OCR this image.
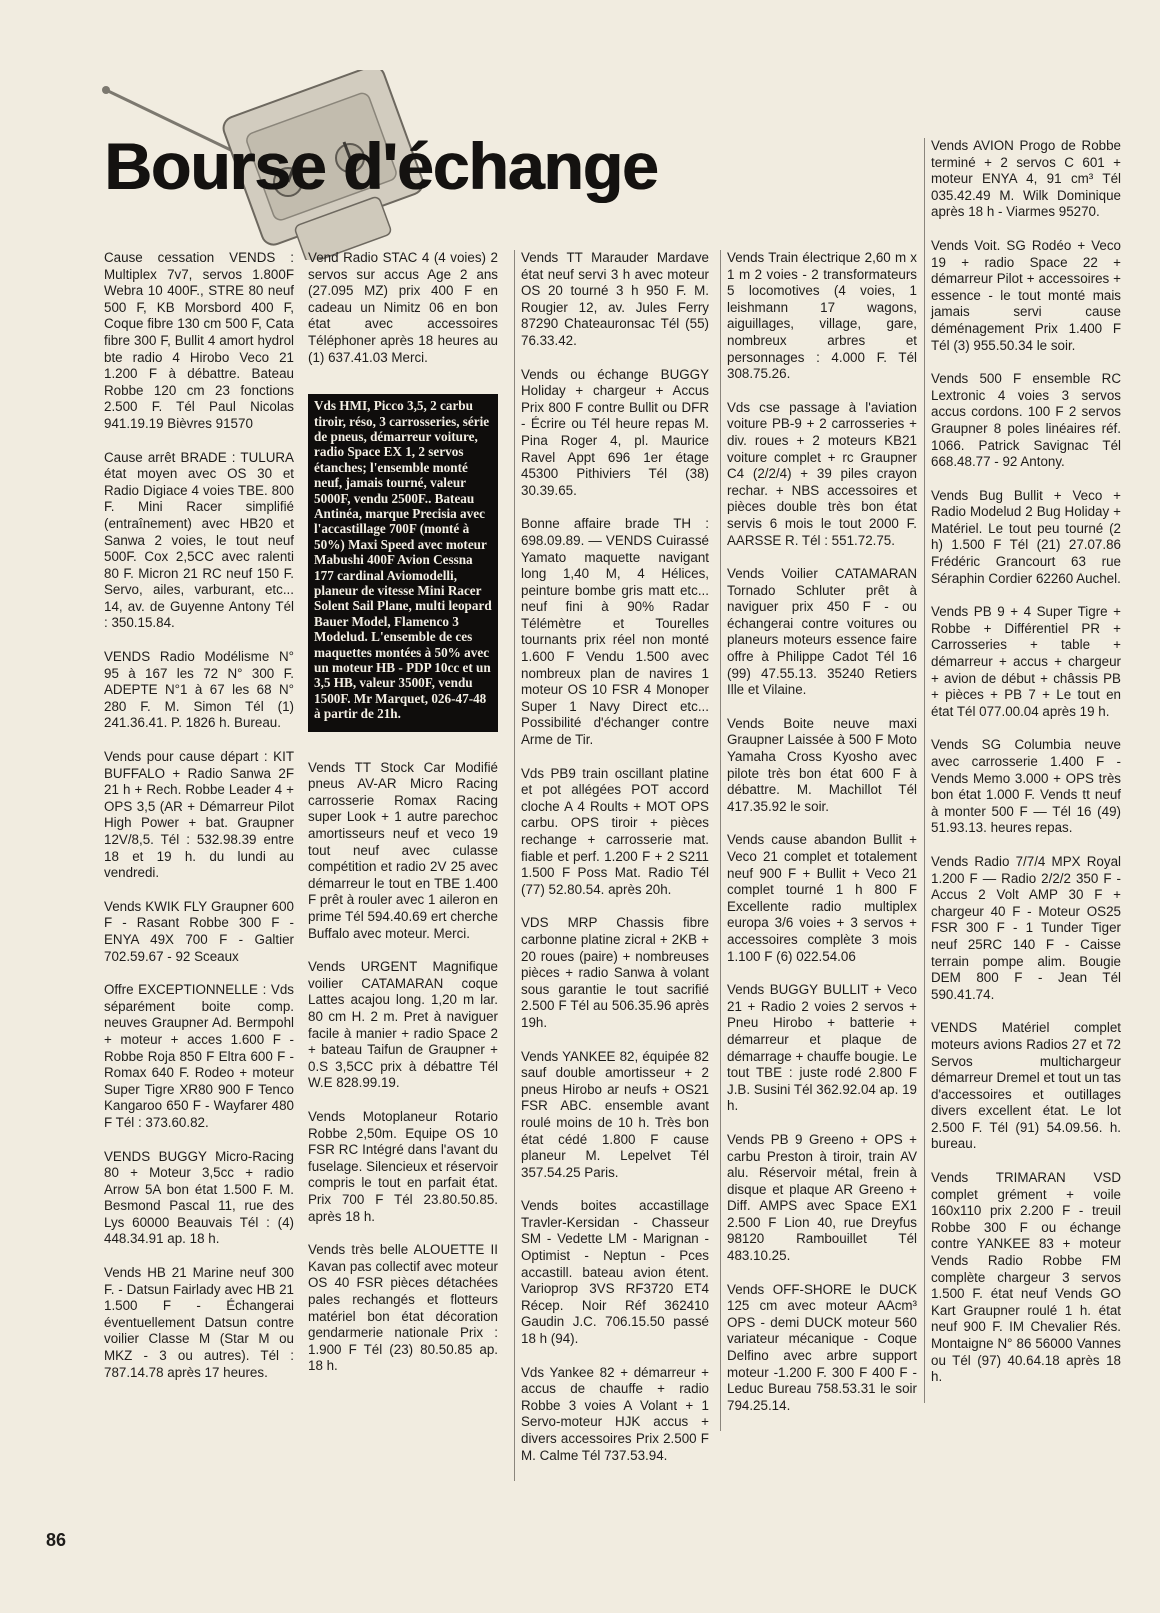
Bourse d'échange

Cause cessation VENDS : Multiplex 7v7, servos 1.800F Webra 10 400F., STRE 80 neuf 500 F, KB Morsbord 400 F, Coque fibre 130 cm 500 F, Cata fibre 300 F, Bullit 4 amort hydrol bte radio 4 Hirobo Veco 21 1.200 F à débattre. Bateau Robbe 120 cm 23 fonctions 2.500 F. Tél Paul Nicolas 941.19.19 Bièvres 91570

Cause arrêt BRADE : TULURA état moyen avec OS 30 et Radio Digiace 4 voies TBE. 800 F. Mini Racer simplifié (entraînement) avec HB20 et Sanwa 2 voies, le tout neuf 500F. Cox 2,5CC avec ralenti 80 F. Micron 21 RC neuf 150 F. Servo, ailes, varburant, etc... 14, av. de Guyenne Antony Tél : 350.15.84.

VENDS Radio Modélisme N° 95 à 167 les 72 N° 300 F. ADEPTE N°1 à 67 les 68 N° 280 F. M. Simon Tél (1) 241.36.41. P. 1826 h. Bureau.

Vends pour cause départ : KIT BUFFALO + Radio Sanwa 2F 21 h + Rech. Robbe Leader 4 + OPS 3,5 (AR + Démarreur Pilot High Power + bat. Graupner 12V/8,5. Tél : 532.98.39 entre 18 et 19 h. du lundi au vendredi.

Vends KWIK FLY Graupner 600 F - Rasant Robbe 300 F - ENYA 49X 700 F - Galtier 702.59.67 - 92 Sceaux

Offre EXCEPTIONNELLE : Vds séparément boite comp. neuves Graupner Ad. Bermpohl + moteur + acces 1.600 F - Robbe Roja 850 F Eltra 600 F - Romax 640 F. Rodeo + moteur Super Tigre XR80 900 F Tenco Kangaroo 650 F - Wayfarer 480 F Tél : 373.60.82.

VENDS BUGGY Micro-Racing 80 + Moteur 3,5cc + radio Arrow 5A bon état 1.500 F. M. Besmond Pascal 11, rue des Lys 60000 Beauvais Tél : (4) 448.34.91 ap. 18 h.

Vends HB 21 Marine neuf 300 F. - Datsun Fairlady avec HB 21 1.500 F - Échangerai éventuellement Datsun contre voilier Classe M (Star M ou MKZ - 3 ou autres). Tél : 787.14.78 après 17 heures.

Vend Radio STAC 4 (4 voies) 2 servos sur accus Age 2 ans (27.095 MZ) prix 400 F en cadeau un Nimitz 06 en bon état avec accessoires Téléphoner après 18 heures au (1) 637.41.03 Merci.

Vds HMI, Picco 3,5, 2 carbu tiroir, réso, 3 carrosseries, série de pneus, démarreur voiture, radio Space EX 1, 2 servos étanches; l'ensemble monté neuf, jamais tourné, valeur 5000F, vendu 2500F.. Bateau Antinéa, marque Precisia avec l'accastillage 700F (monté à 50%) Maxi Speed avec moteur Mabushi 400F Avion Cessna 177 cardinal Aviomodelli, planeur de vitesse Mini Racer Solent Sail Plane, multi leopard Bauer Model, Flamenco 3 Modelud. L'ensemble de ces maquettes montées à 50% avec un moteur HB - PDP 10cc et un 3,5 HB, valeur 3500F, vendu 1500F. Mr Marquet, 026-47-48 à partir de 21h.

Vends TT Stock Car Modifié pneus AV-AR Micro Racing carrosserie Romax Racing super Look + 1 autre parechoc amortisseurs neuf et veco 19 tout neuf avec culasse compétition et radio 2V 25 avec démarreur le tout en TBE 1.400 F prêt à rouler avec 1 aileron en prime Tél 594.40.69 ert cherche Buffalo avec moteur. Merci.

Vends URGENT Magnifique voilier CATAMARAN coque Lattes acajou long. 1,20 m lar. 80 cm H. 2 m. Pret à naviguer facile à manier + radio Space 2 + bateau Taifun de Graupner + 0.S 3,5CC prix à débattre Tél W.E 828.99.19.

Vends Motoplaneur Rotario Robbe 2,50m. Equipe OS 10 FSR RC Intégré dans l'avant du fuselage. Silencieux et réservoir compris le tout en parfait état. Prix 700 F Tél 23.80.50.85. après 18 h.

Vends très belle ALOUETTE II Kavan pas collectif avec moteur OS 40 FSR pièces détachées pales rechangés et flotteurs matériel bon état décoration gendarmerie nationale Prix : 1.900 F Tél (23) 80.50.85 ap. 18 h.

Vends TT Marauder Mardave état neuf servi 3 h avec moteur OS 20 tourné 3 h 950 F. M. Rougier 12, av. Jules Ferry 87290 Chateauronsac Tél (55) 76.33.42.

Vends ou échange BUGGY Holiday + chargeur + Accus Prix 800 F contre Bullit ou DFR - Écrire ou Tél heure repas M. Pina Roger 4, pl. Maurice Ravel Appt 696 1er étage 45300 Pithiviers Tél (38) 30.39.65.

Bonne affaire brade TH : 698.09.89. — VENDS Cuirassé Yamato maquette navigant long 1,40 M, 4 Hélices, peinture bombe gris matt etc... neuf fini à 90% Radar Télémètre et Tourelles tournants prix réel non monté 1.600 F Vendu 1.500 avec nombreux plan de navires 1 moteur OS 10 FSR 4 Monoper Super 1 Navy Direct etc... Possibilité d'échanger contre Arme de Tir.

Vds PB9 train oscillant platine et pot allégées POT accord cloche A 4 Roults + MOT OPS carbu. OPS tiroir + pièces rechange + carrosserie mat. fiable et perf. 1.200 F + 2 S211 1.500 F Poss Mat. Radio Tél (77) 52.80.54. après 20h.

VDS MRP Chassis fibre carbonne platine zicral + 2KB + 20 roues (paire) + nombreuses pièces + radio Sanwa à volant sous garantie le tout sacrifié 2.500 F Tél au 506.35.96 après 19h.

Vends YANKEE 82, équipée 82 sauf double amortisseur + 2 pneus Hirobo ar neufs + OS21 FSR ABC. ensemble avant roulé moins de 10 h. Très bon état cédé 1.800 F cause planeur M. Lepelvet Tél 357.54.25 Paris.

Vends boites accastillage Travler-Kersidan - Chasseur SM - Vedette LM - Marignan - Optimist - Neptun - Pces accastill. bateau avion étent. Varioprop 3VS RF3720 ET4 Récep. Noir Réf 362410 Gaudin J.C. 706.15.50 passé 18 h (94).

Vds Yankee 82 + démarreur + accus de chauffe + radio Robbe 3 voies A Volant + 1 Servo-moteur HJK accus + divers accessoires Prix 2.500 F M. Calme Tél 737.53.94.

Vends Train électrique 2,60 m x 1 m 2 voies - 2 transformateurs 5 locomotives (4 voies, 1 leishmann 17 wagons, aiguillages, village, gare, nombreux arbres et personnages : 4.000 F. Tél 308.75.26.

Vds cse passage à l'aviation voiture PB-9 + 2 carrosseries + div. roues + 2 moteurs KB21 voiture complet + rc Graupner C4 (2/2/4) + 39 piles crayon rechar. + NBS accessoires et pièces double très bon état servis 6 mois le tout 2000 F. AARSSE R. Tél : 551.72.75.

Vends Voilier CATAMARAN Tornado Schluter prêt à naviguer prix 450 F - ou échangerai contre voitures ou planeurs moteurs essence faire offre à Philippe Cadot Tél 16 (99) 47.55.13. 35240 Retiers Ille et Vilaine.

Vends Boite neuve maxi Graupner Laissée à 500 F Moto Yamaha Cross Kyosho avec pilote très bon état 600 F à débattre. M. Machillot Tél 417.35.92 le soir.

Vends cause abandon Bullit + Veco 21 complet et totalement neuf 900 F + Bullit + Veco 21 complet tourné 1 h 800 F Excellente radio multiplex europa 3/6 voies + 3 servos + accessoires complète 3 mois 1.100 F (6) 022.54.06

Vends BUGGY BULLIT + Veco 21 + Radio 2 voies 2 servos + Pneu Hirobo + batterie + démarreur et plaque de démarrage + chauffe bougie. Le tout TBE : juste rodé 2.800 F J.B. Susini Tél 362.92.04 ap. 19 h.

Vends PB 9 Greeno + OPS + carbu Preston à tiroir, train AV alu. Réservoir métal, frein à disque et plaque AR Greeno + Diff. AMPS avec Space EX1 2.500 F Lion 40, rue Dreyfus 98120 Rambouillet Tél 483.10.25.

Vends OFF-SHORE le DUCK 125 cm avec moteur AAcm³ OPS - demi DUCK moteur 560 variateur mécanique - Coque Delfino avec arbre support moteur -1.200 F. 300 F 400 F - Leduc Bureau 758.53.31 le soir 794.25.14.

Vends AVION Progo de Robbe terminé + 2 servos C 601 + moteur ENYA 4, 91 cm³ Tél 035.42.49 M. Wilk Dominique après 18 h - Viarmes 95270.

Vends Voit. SG Rodéo + Veco 19 + radio Space 22 + démarreur Pilot + accessoires + essence - le tout monté mais jamais servi cause déménagement Prix 1.400 F Tél (3) 955.50.34 le soir.

Vends 500 F ensemble RC Lextronic 4 voies 3 servos accus cordons. 100 F 2 servos Graupner 8 poles linéaires réf. 1066. Patrick Savignac Tél 668.48.77 - 92 Antony.

Vends Bug Bullit + Veco + Radio Modelud 2 Bug Holiday + Matériel. Le tout peu tourné (2 h) 1.500 F Tél (21) 27.07.86 Frédéric Grancourt 63 rue Séraphin Cordier 62260 Auchel.

Vends PB 9 + 4 Super Tigre + Robbe + Différentiel PR + Carrosseries + table + démarreur + accus + chargeur + avion de début + châssis PB + pièces + PB 7 + Le tout en état Tél 077.00.04 après 19 h.

Vends SG Columbia neuve avec carrosserie 1.400 F - Vends Memo 3.000 + OPS très bon état 1.000 F. Vends tt neuf à monter 500 F — Tél 16 (49) 51.93.13. heures repas.

Vends Radio 7/7/4 MPX Royal 1.200 F — Radio 2/2/2 350 F - Accus 2 Volt AMP 30 F + chargeur 40 F - Moteur OS25 FSR 300 F - 1 Tunder Tiger neuf 25RC 140 F - Caisse terrain pompe alim. Bougie DEM 800 F - Jean Tél 590.41.74.

VENDS Matériel complet moteurs avions Radios 27 et 72 Servos multichargeur démarreur Dremel et tout un tas d'accessoires et outillages divers excellent état. Le lot 2.500 F. Tél (91) 54.09.56. h. bureau.

Vends TRIMARAN VSD complet grément + voile 160x110 prix 2.200 F - treuil Robbe 300 F ou échange contre YANKEE 83 + moteur Vends Radio Robbe FM complète chargeur 3 servos 1.500 F. état neuf Vends GO Kart Graupner roulé 1 h. état neuf 900 F. IM Chevalier Rés. Montaigne N° 86 56000 Vannes ou Tél (97) 40.64.18 après 18 h.

86
